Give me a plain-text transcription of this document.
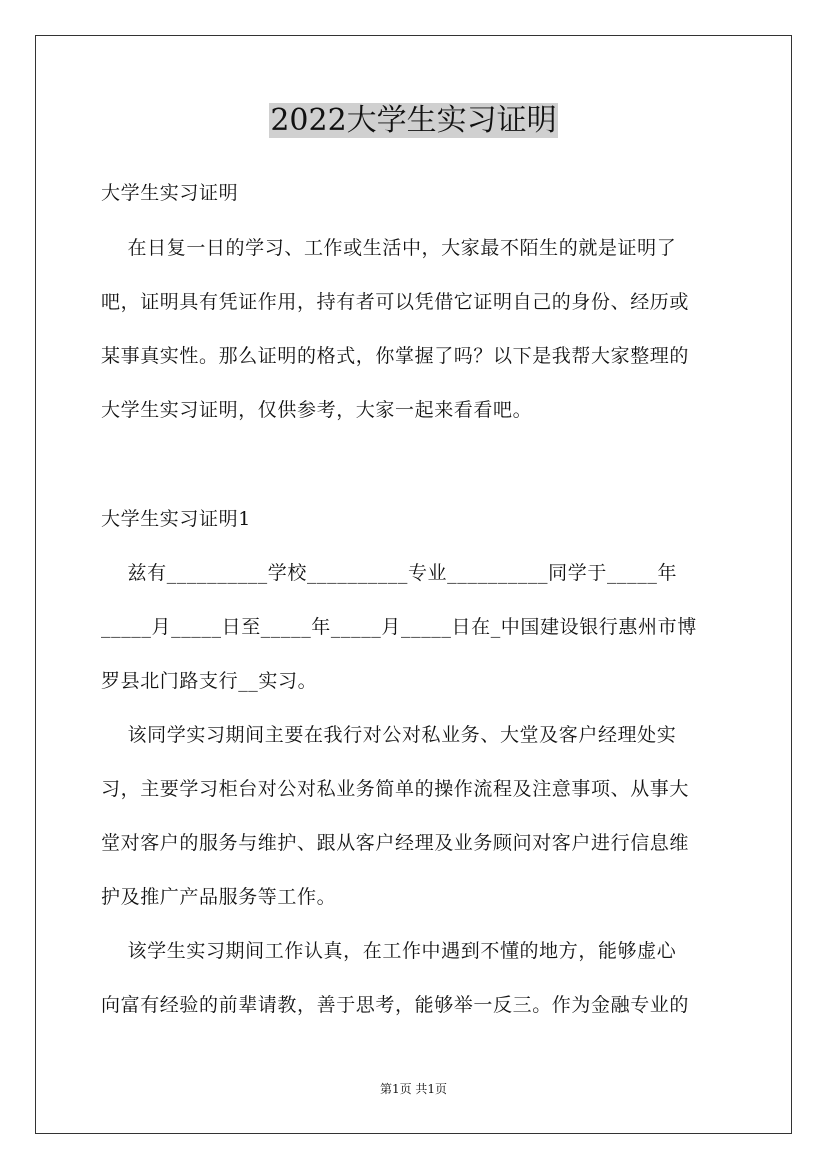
2022大学生实习证明

大学生实习证明

在日复一日的学习、工作或生活中，大家最不陌生的就是证明了

吧，证明具有凭证作用，持有者可以凭借它证明自己的身份、经历或

某事真实性。那么证明的格式，你掌握了吗？以下是我帮大家整理的

大学生实习证明，仅供参考，大家一起来看看吧。

大学生实习证明1

兹有__________学校__________专业__________同学于_____年

_____月_____日至_____年_____月_____日在_中国建设银行惠州市博

罗县北门路支行__实习。

该同学实习期间主要在我行对公对私业务、大堂及客户经理处实

习，主要学习柜台对公对私业务简单的操作流程及注意事项、从事大

堂对客户的服务与维护、跟从客户经理及业务顾问对客户进行信息维

护及推广产品服务等工作。

该学生实习期间工作认真，在工作中遇到不懂的地方，能够虚心

向富有经验的前辈请教，善于思考，能够举一反三。作为金融专业的

第1页 共1页
